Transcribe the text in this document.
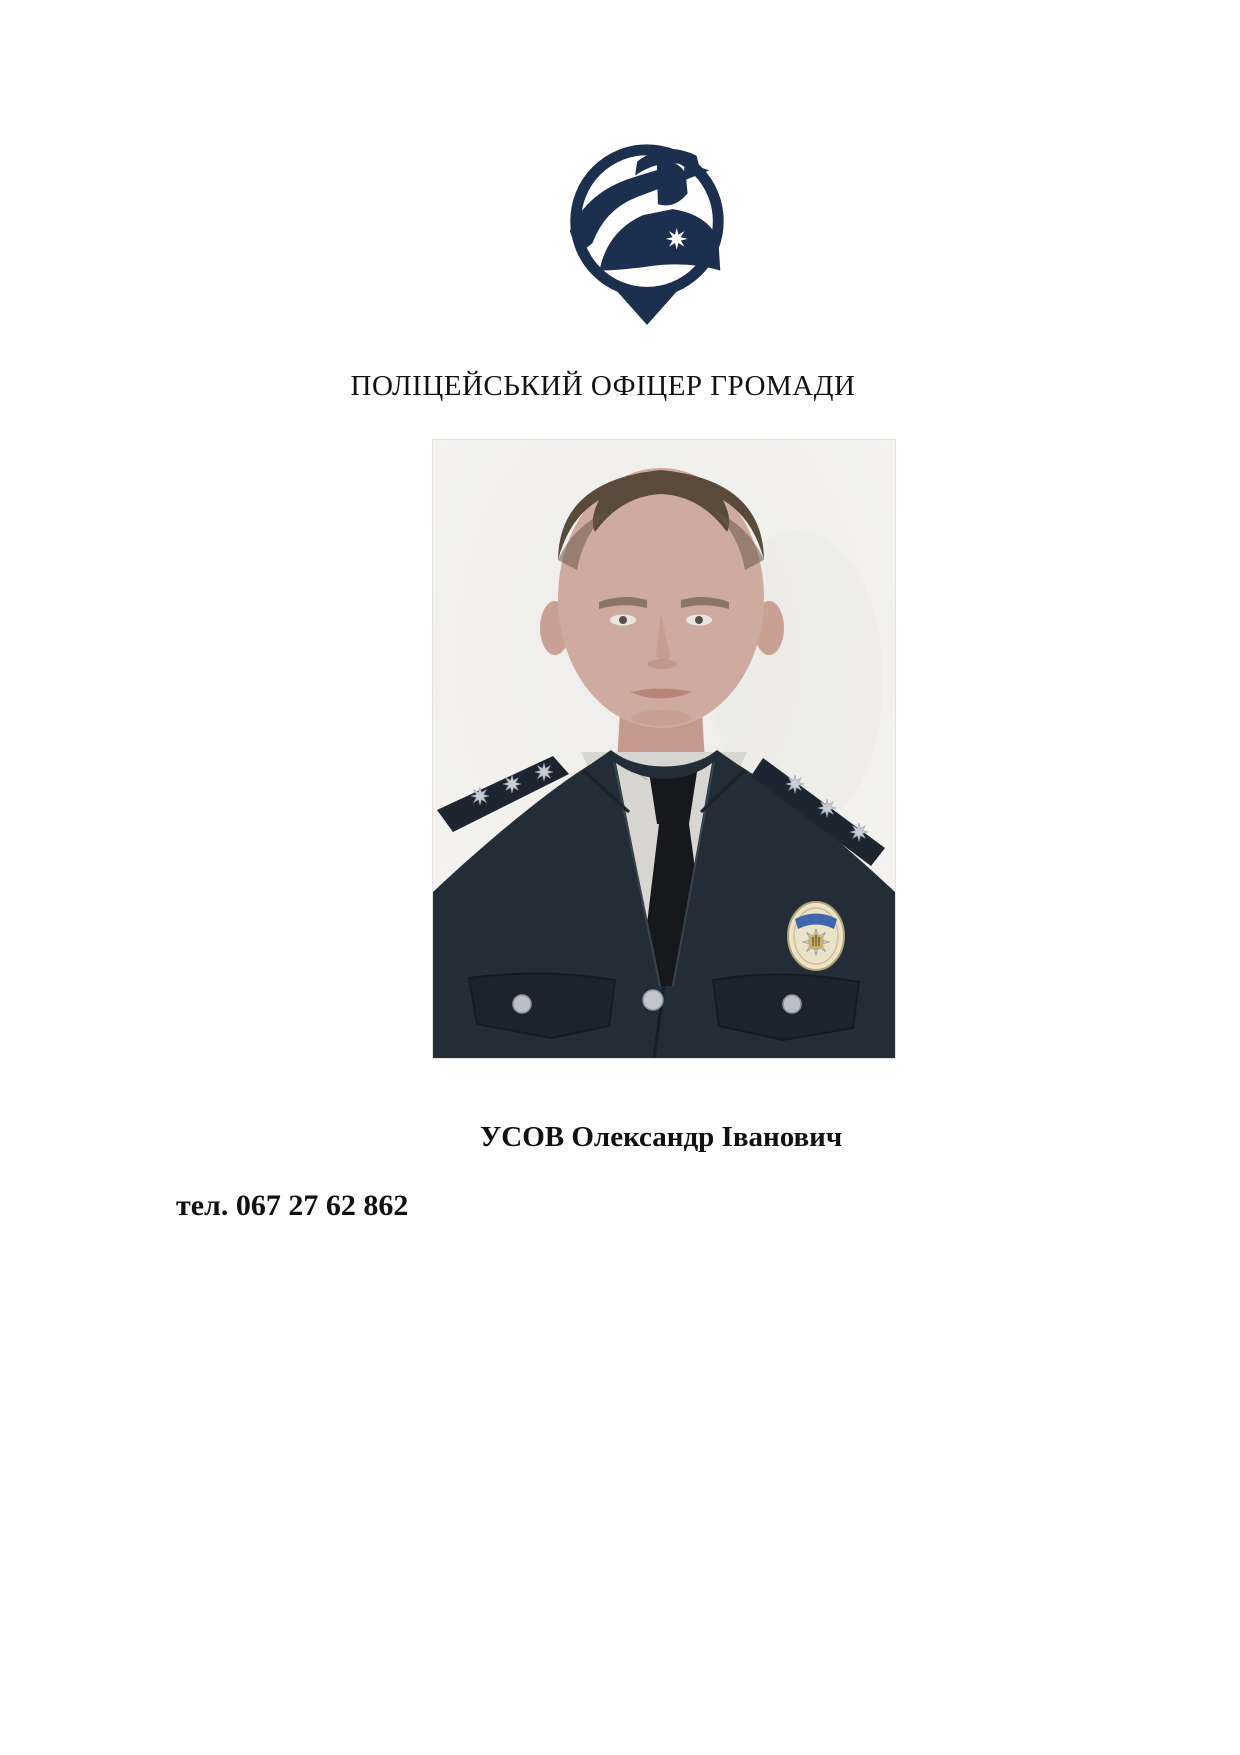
ПОЛІЦЕЙСЬКИЙ ОФІЦЕР ГРОМАДИ
УСОВ Олександр Іванович
тел. 067 27 62 862
